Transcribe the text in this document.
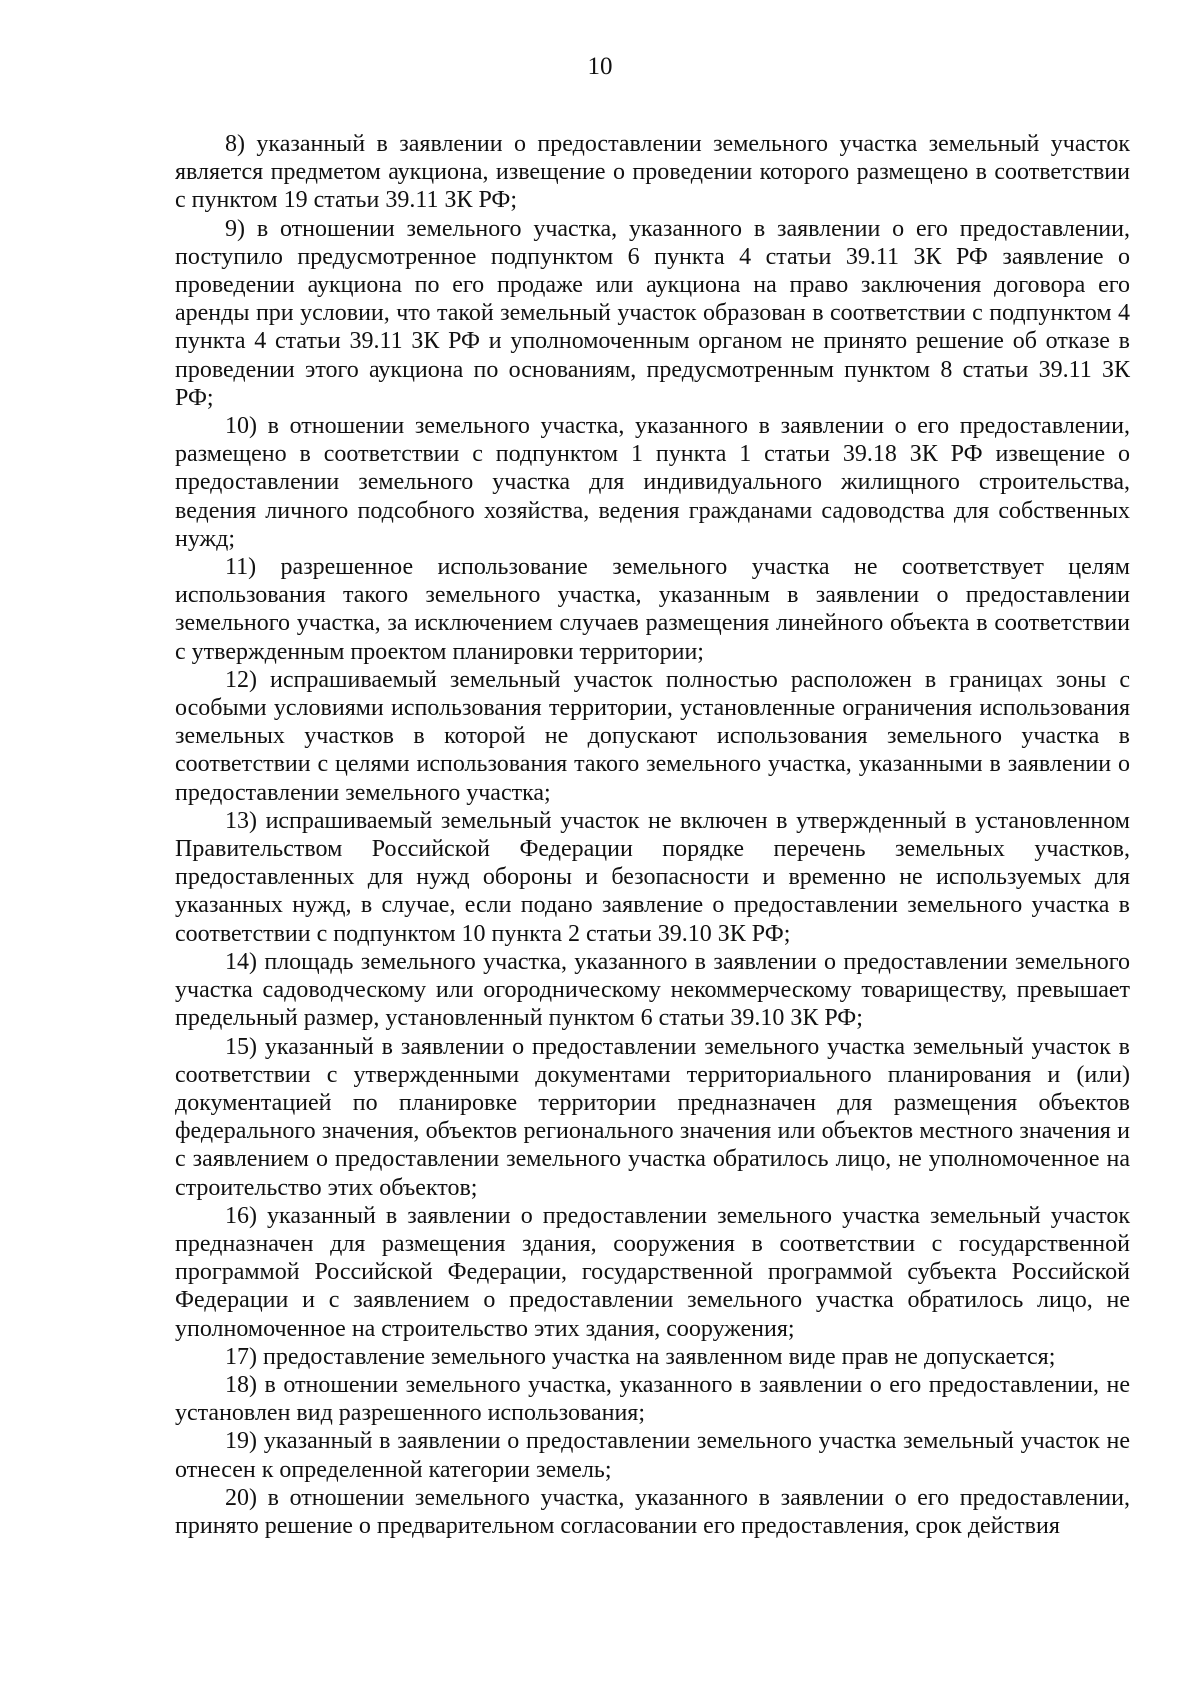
10

8) указанный в заявлении о предоставлении земельного участка земельный участок является предметом аукциона, извещение о проведении которого размещено в соответствии с пунктом 19 статьи 39.11 ЗК РФ;

9) в отношении земельного участка, указанного в заявлении о его предоставлении, поступило предусмотренное подпунктом 6 пункта 4 статьи 39.11 ЗК РФ заявление о проведении аукциона по его продаже или аукциона на право заключения договора его аренды при условии, что такой земельный участок образован в соответствии с подпунктом 4 пункта 4 статьи 39.11 ЗК РФ и уполномоченным органом не принято решение об отказе в проведении этого аукциона по основаниям, предусмотренным пунктом 8 статьи 39.11 ЗК РФ;

10) в отношении земельного участка, указанного в заявлении о его предоставлении, размещено в соответствии с подпунктом 1 пункта 1 статьи 39.18 ЗК РФ извещение о предоставлении земельного участка для индивидуального жилищного строительства, ведения личного подсобного хозяйства, ведения гражданами садоводства для собственных нужд;

11) разрешенное использование земельного участка не соответствует целям использования такого земельного участка, указанным в заявлении о предоставлении земельного участка, за исключением случаев размещения линейного объекта в соответствии с утвержденным проектом планировки территории;

12) испрашиваемый земельный участок полностью расположен в границах зоны с особыми условиями использования территории, установленные ограничения использования земельных участков в которой не допускают использования земельного участка в соответствии с целями использования такого земельного участка, указанными в заявлении о предоставлении земельного участка;

13) испрашиваемый земельный участок не включен в утвержденный в установленном Правительством Российской Федерации порядке перечень земельных участков, предоставленных для нужд обороны и безопасности и временно не используемых для указанных нужд, в случае, если подано заявление о предоставлении земельного участка в соответствии с подпунктом 10 пункта 2 статьи 39.10 ЗК РФ;

14) площадь земельного участка, указанного в заявлении о предоставлении земельного участка садоводческому или огородническому некоммерческому товариществу, превышает предельный размер, установленный пунктом 6 статьи 39.10 ЗК РФ;

15) указанный в заявлении о предоставлении земельного участка земельный участок в соответствии с утвержденными документами территориального планирования и (или) документацией по планировке территории предназначен для размещения объектов федерального значения, объектов регионального значения или объектов местного значения и с заявлением о предоставлении земельного участка обратилось лицо, не уполномоченное на строительство этих объектов;

16) указанный в заявлении о предоставлении земельного участка земельный участок предназначен для размещения здания, сооружения в соответствии с государственной программой Российской Федерации, государственной программой субъекта Российской Федерации и с заявлением о предоставлении земельного участка обратилось лицо, не уполномоченное на строительство этих здания, сооружения;

17) предоставление земельного участка на заявленном виде прав не допускается;

18) в отношении земельного участка, указанного в заявлении о его предоставлении, не установлен вид разрешенного использования;

19) указанный в заявлении о предоставлении земельного участка земельный участок не отнесен к определенной категории земель;

20) в отношении земельного участка, указанного в заявлении о его предоставлении, принято решение о предварительном согласовании его предоставления, срок действия
